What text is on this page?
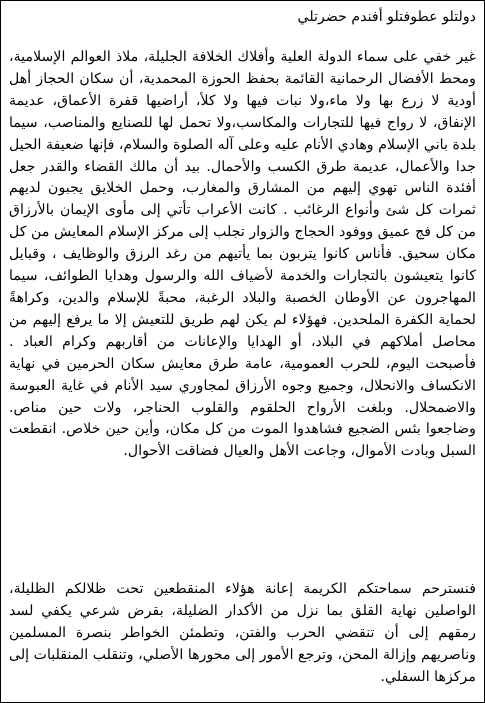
دولتلو عطوفتلو أفندم حضرتلي

غير خفي على سماء الدولة العلية وأفلاك الخلافة الجليلة، ملاذ العوالم الإسلامية، ومحط الأفضال الرحمانية القائمة بحفظ الحوزة المحمدية، أن سكان الحجاز أهل أودية لا زرع بها ولا ماء،ولا نبات فيها ولا كلأ، أراضيها قفرة الأعماق، عديمة الإنفاق، لا رواج فيها للتجارات والمكاسب،ولا تحمل لها للصنايع والمناصب، سيما بلدة باني الإسلام وهادي الأنام عليه وعلى آله الصلوة والسلام، فإنها ضعيفة الحيل جدا والأعمال، عديمة طرق الكسب والأحمال. بيد أن مالك القضاء والقدر جعل أفئدة الناس تهوي إليهم من المشارق والمغارب، وحمل الخلايق يجبون لديهم ثمرات كل شئ وأنواع الرغائب . كانت الأعراب تأتي إلى مأوى الإيمان بالأرزاق من كل فج عميق ووفود الحجاج والزوار تجلب إلى مركز الإسلام المعايش من كل مكان سحيق. فأناس كانوا يتربون بما يأتيهم من رغد الرزق والوظايف ، وقبايل كانوا يتعيشون بالتجارات والخدمة لأضياف الله والرسول وهدايا الطوائف، سيما المهاجرون عن الأوطان الخصبة والبلاد الرغبة، محبةً للإسلام والدين، وكراهةً لحماية الكفرة الملحدين. فهؤلاء لم يكن لهم طريق للتعيش إلا ما يرفع إليهم من محاصل أملاكهم في البلاد، أو الهدايا والإعانات من أقاربهم وكرام العباد . فأصبحت اليوم، للحرب العمومية، عامة طرق معايش سكان الحرمين في نهاية الانكساف والانحلال، وجميع وجوه الأرزاق لمجاوري سيد الأنام في غاية العبوسة والاضمحلال. وبلغت الأرواح الحلقوم والقلوب الحناجر، ولات حين مناص. وضاجعوا بئس الضجيع فشاهدوا الموت من كل مكان، وأين حين خلاص. انقطعت السبل وبادت الأموال، وجاعت الأهل والعيال فضاقت الأحوال.

فنسترحم سماحتكم الكريمة إعانة هؤلاء المنقطعين تحت ظلالكم الظليلة، الواصلين نهاية القلق بما نزل من الأكدار الضليلة، بقرض شرعي يكفي لسد رمقهم إلى أن تنقضي الحرب والفتن، وتطمئن الخواطر بنصرة المسلمين وناصريهم وإزالة المحن، وترجع الأمور إلى محورها الأصلي، وتنقلب المنقلبات إلى مركزها السفلي.
